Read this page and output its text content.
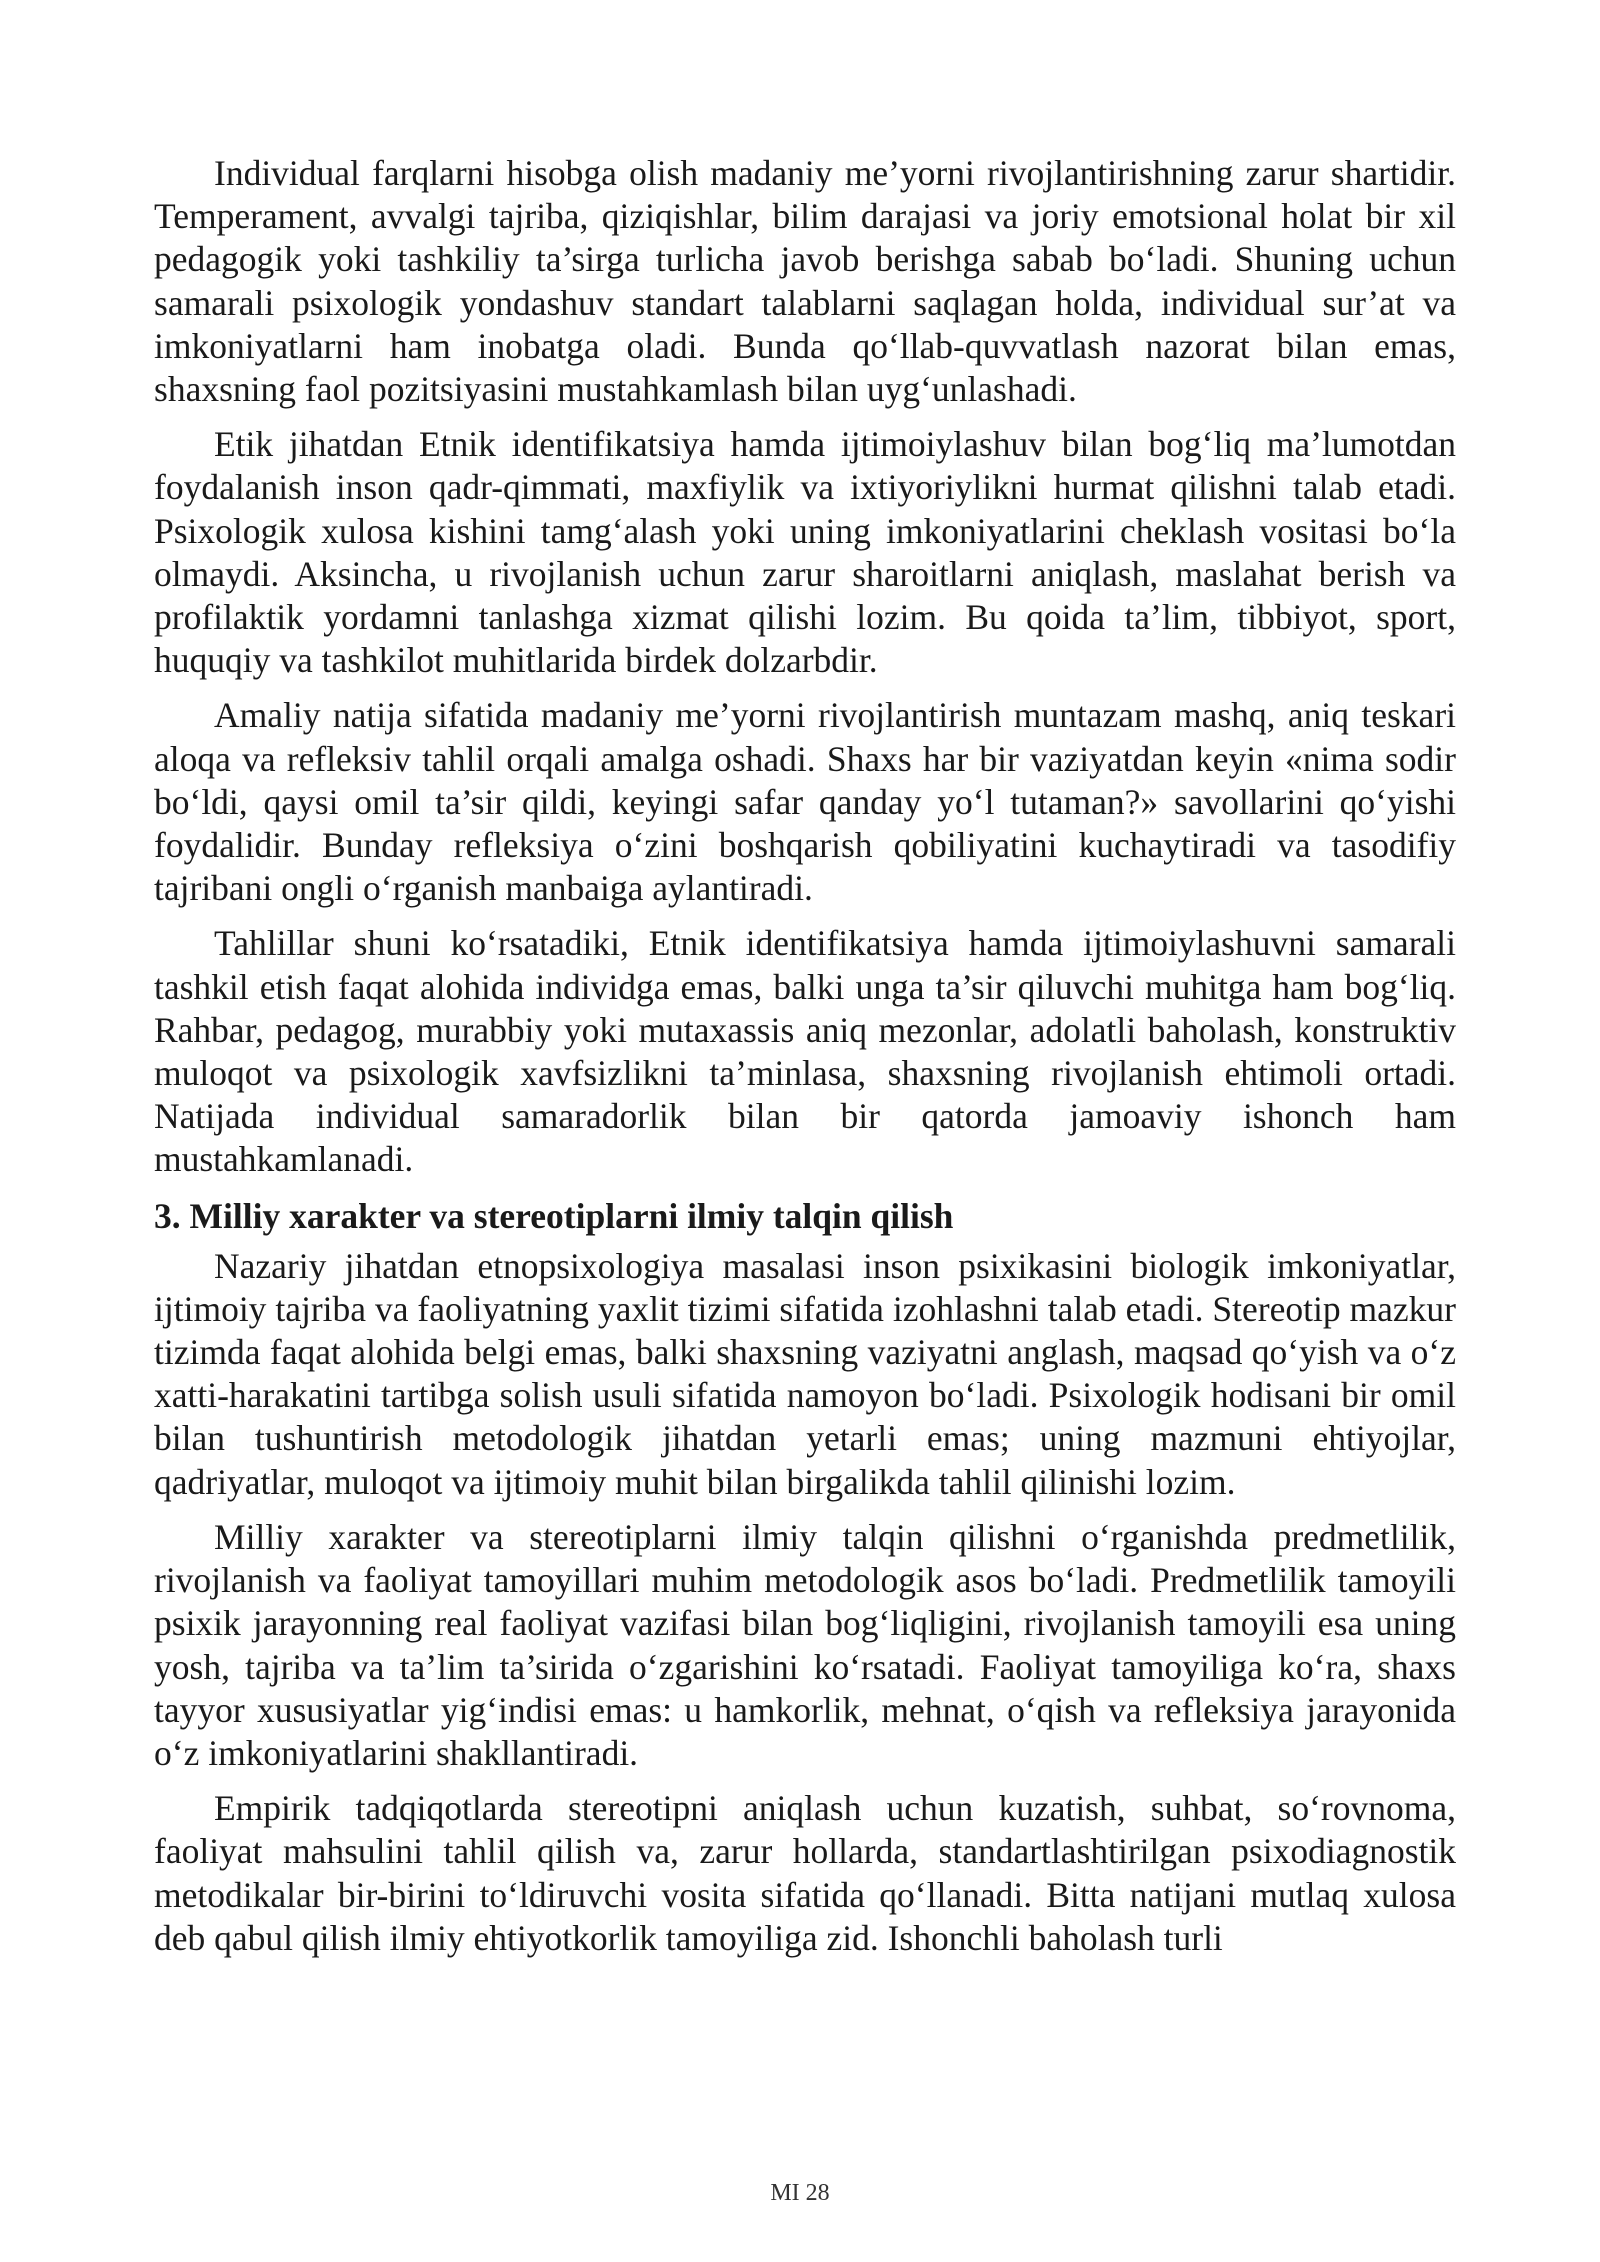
Individual farqlarni hisobga olish madaniy me’yorni rivojlantirishning zarur shartidir. Temperament, avvalgi tajriba, qiziqishlar, bilim darajasi va joriy emotsional holat bir xil pedagogik yoki tashkiliy ta’sirga turlicha javob berishga sabab bo‘ladi. Shuning uchun samarali psixologik yondashuv standart talablarni saqlagan holda, individual sur’at va imkoniyatlarni ham inobatga oladi. Bunda qo‘llab-quvvatlash nazorat bilan emas, shaxsning faol pozitsiyasini mustahkamlash bilan uyg‘unlashadi.

Etik jihatdan Etnik identifikatsiya hamda ijtimoiylashuv bilan bog‘liq ma’lumotdan foydalanish inson qadr-qimmati, maxfiylik va ixtiyoriylikni hurmat qilishni talab etadi. Psixologik xulosa kishini tamg‘alash yoki uning imkoniyatlarini cheklash vositasi bo‘la olmaydi. Aksincha, u rivojlanish uchun zarur sharoitlarni aniqlash, maslahat berish va profilaktik yordamni tanlashga xizmat qilishi lozim. Bu qoida ta’lim, tibbiyot, sport, huquqiy va tashkilot muhitlarida birdek dolzarbdir.

Amaliy natija sifatida madaniy me’yorni rivojlantirish muntazam mashq, aniq teskari aloqa va refleksiv tahlil orqali amalga oshadi. Shaxs har bir vaziyatdan keyin «nima sodir bo‘ldi, qaysi omil ta’sir qildi, keyingi safar qanday yo‘l tutaman?» savollarini qo‘yishi foydalidir. Bunday refleksiya o‘zini boshqarish qobiliyatini kuchaytiradi va tasodifiy tajribani ongli o‘rganish manbaiga aylantiradi.

Tahlillar shuni ko‘rsatadiki, Etnik identifikatsiya hamda ijtimoiylashuvni samarali tashkil etish faqat alohida individga emas, balki unga ta’sir qiluvchi muhitga ham bog‘liq. Rahbar, pedagog, murabbiy yoki mutaxassis aniq mezonlar, adolatli baholash, konstruktiv muloqot va psixologik xavfsizlikni ta’minlasa, shaxsning rivojlanish ehtimoli ortadi. Natijada individual samaradorlik bilan bir qatorda jamoaviy ishonch ham mustahkamlanadi.

3. Milliy xarakter va stereotiplarni ilmiy talqin qilish

Nazariy jihatdan etnopsixologiya masalasi inson psixikasini biologik imkoniyatlar, ijtimoiy tajriba va faoliyatning yaxlit tizimi sifatida izohlashni talab etadi. Stereotip mazkur tizimda faqat alohida belgi emas, balki shaxsning vaziyatni anglash, maqsad qo‘yish va o‘z xatti-harakatini tartibga solish usuli sifatida namoyon bo‘ladi. Psixologik hodisani bir omil bilan tushuntirish metodologik jihatdan yetarli emas; uning mazmuni ehtiyojlar, qadriyatlar, muloqot va ijtimoiy muhit bilan birgalikda tahlil qilinishi lozim.

Milliy xarakter va stereotiplarni ilmiy talqin qilishni o‘rganishda predmetlilik, rivojlanish va faoliyat tamoyillari muhim metodologik asos bo‘ladi. Predmetlilik tamoyili psixik jarayonning real faoliyat vazifasi bilan bog‘liqligini, rivojlanish tamoyili esa uning yosh, tajriba va ta’lim ta’sirida o‘zgarishini ko‘rsatadi. Faoliyat tamoyiliga ko‘ra, shaxs tayyor xususiyatlar yig‘indisi emas: u hamkorlik, mehnat, o‘qish va refleksiya jarayonida o‘z imkoniyatlarini shakllantiradi.

Empirik tadqiqotlarda stereotipni aniqlash uchun kuzatish, suhbat, so‘rovnoma, faoliyat mahsulini tahlil qilish va, zarur hollarda, standartlashtirilgan psixodiagnostik metodikalar bir-birini to‘ldiruvchi vosita sifatida qo‘llanadi. Bitta natijani mutlaq xulosa deb qabul qilish ilmiy ehtiyotkorlik tamoyiliga zid. Ishonchli baholash turli

MI 28
